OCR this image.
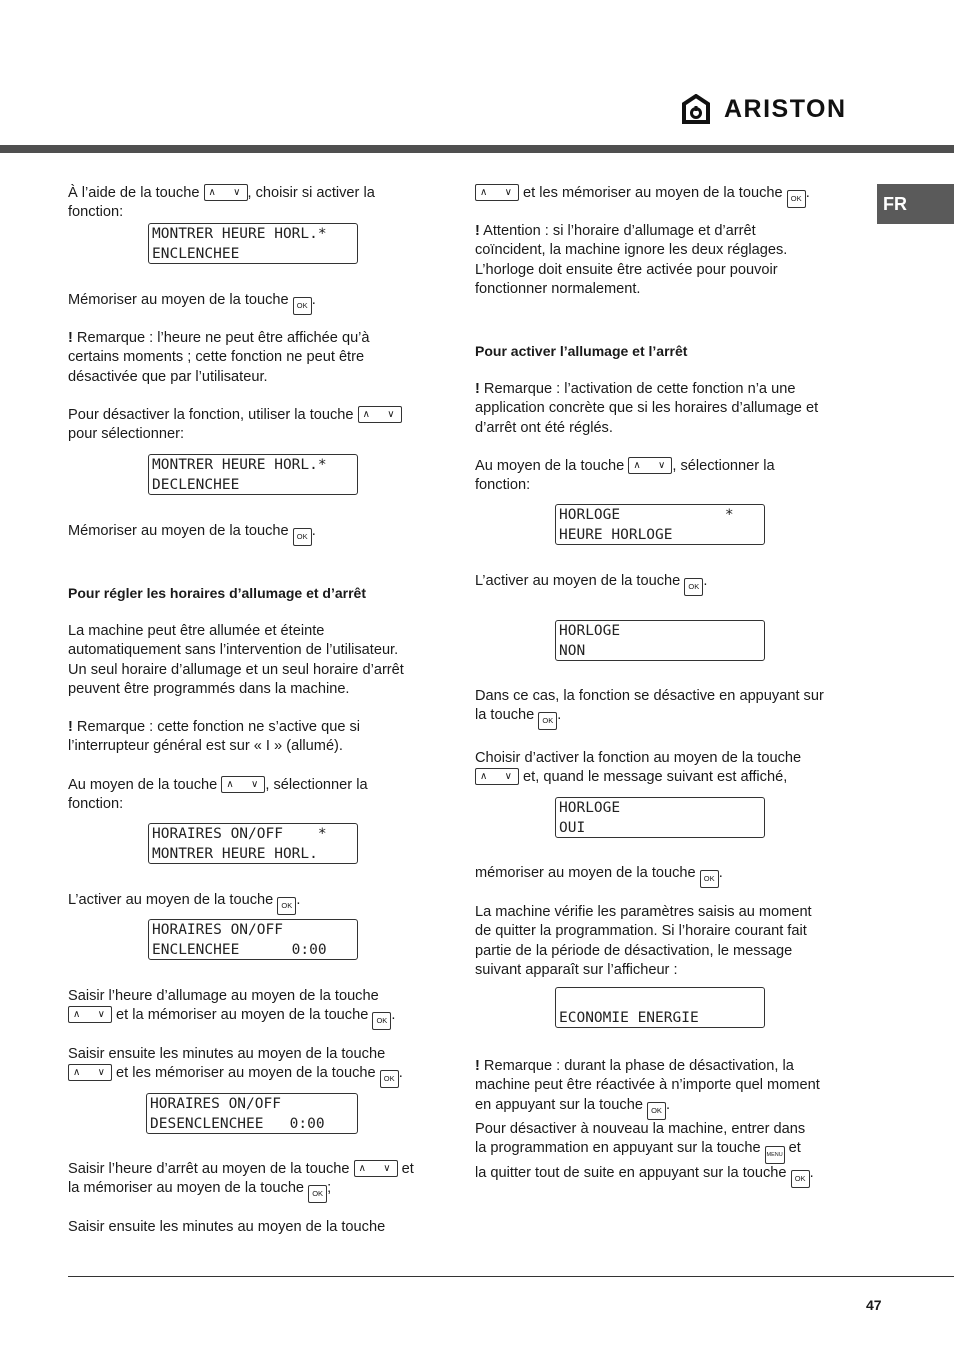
ARISTON
FR

À l’aide de la touche ∧ ∨ , choisir si activer la
fonction:

MONTRER HEURE HORL.*
ENCLENCHEE

Mémoriser au moyen de la touche OK .

! Remarque : l’heure ne peut être affichée qu’à
certains moments ; cette fonction ne peut être
désactivée que par l’utilisateur.

Pour désactiver la fonction, utiliser la touche ∧ ∨

pour sélectionner:

MONTRER HEURE HORL.*
DECLENCHEE

Mémoriser au moyen de la touche OK .

Pour régler les horaires d’allumage et d’arrêt

La machine peut être allumée et éteinte
automatiquement sans l’intervention de l’utilisateur.
Un seul horaire d’allumage et un seul horaire d’arrêt
peuvent être programmés dans la machine.

! Remarque : cette fonction ne s’active que si
l’interrupteur général est sur « I » (allumé).

Au moyen de la touche ∧ ∨ , sélectionner la
fonction:

HORAIRES ON/OFF    *
MONTRER HEURE HORL.

L’activer au moyen de la touche OK .

HORAIRES ON/OFF
ENCLENCHEE      0:00

Saisir l’heure d’allumage au moyen de la touche

∧ ∨ et la mémoriser au moyen de la touche OK .

Saisir ensuite les minutes au moyen de la touche

∧ ∨ et les mémoriser au moyen de la touche OK .

HORAIRES ON/OFF
DESENCLENCHEE   0:00

Saisir l’heure d’arrêt au moyen de la touche ∧ ∨ et
la mémoriser au moyen de la touche OK ;

Saisir ensuite les minutes au moyen de la touche

∧ ∨ et les mémoriser au moyen de la touche OK .

! Attention : si l’horaire d’allumage et d’arrêt
coïncident, la machine ignore les deux réglages.
L’horloge doit ensuite être activée pour pouvoir
fonctionner normalement.

Pour activer l’allumage et l’arrêt

! Remarque : l’activation de cette fonction n’a une
application concrète que si les horaires d’allumage et
d’arrêt ont été réglés.

Au moyen de la touche ∧ ∨ , sélectionner la
fonction:

HORLOGE            *
HEURE HORLOGE

L’activer au moyen de la touche OK .

HORLOGE
NON

Dans ce cas, la fonction se désactive en appuyant sur
la touche OK .

Choisir d’activer la fonction au moyen de la touche

∧ ∨ et, quand le message suivant est affiché,

HORLOGE
OUI

mémoriser au moyen de la touche OK .

La machine vérifie les paramètres saisis au moment
de quitter la programmation. Si l’horaire courant fait
partie de la période de désactivation, le message
suivant apparaît sur l’afficheur :

ECONOMIE ENERGIE

! Remarque : durant la phase de désactivation, la
machine peut être réactivée à n’importe quel moment
en appuyant sur la touche OK .
Pour désactiver à nouveau la machine, entrer dans
la programmation en appuyant sur la touche MENU et
la quitter tout de suite en appuyant sur la touche OK .

47
